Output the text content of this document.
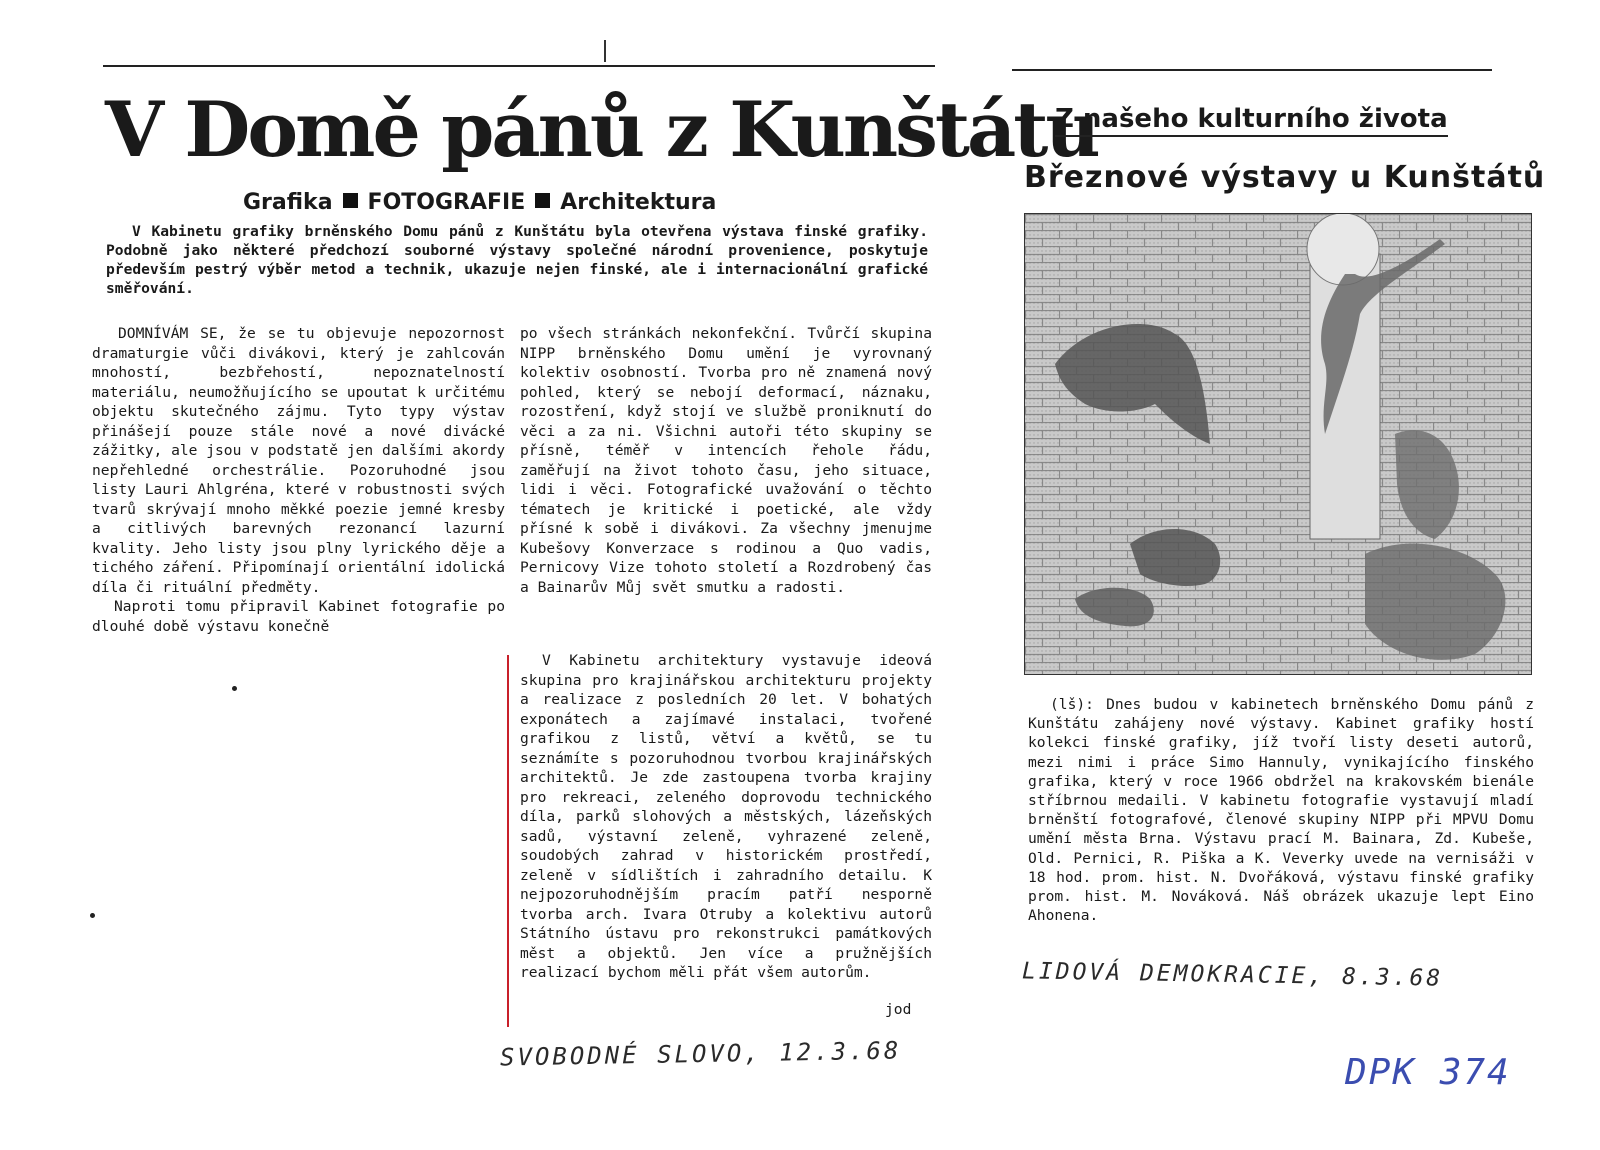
V Domě pánů z Kunštátu
Grafika FOTOGRAFIE Architektura
V Kabinetu grafiky brněnského Domu pánů z Kunštátu byla otevřena výstava finské grafiky. Podobně jako některé předchozí souborné výstavy společné národní provenience, poskytuje především pestrý výběr metod a technik, ukazuje nejen finské, ale i internacionální grafické směřování.

DOMNÍVÁM SE, že se tu objevuje nepozornost dramaturgie vůči divákovi, který je zahlcován mnohostí, bezbřehostí, nepoznatelností materiálu, neumožňujícího se upoutat k určitému objektu skutečného zájmu. Tyto typy výstav přinášejí pouze stále nové a nové divácké zážitky, ale jsou v podstatě jen dalšími akordy nepřehledné orchestrálie. Pozoruhodné jsou listy Lauri Ahlgréna, které v robustnosti svých tvarů skrývají mnoho měkké poezie jemné kresby a citlivých barevných rezonancí lazurní kvality. Jeho listy jsou plny lyrického děje a tichého záření. Připomínají orientální idolická díla či rituální předměty.

Naproti tomu připravil Kabinet fotografie po dlouhé době výstavu konečně

po všech stránkách nekonfekční. Tvůrčí skupina NIPP brněnského Domu umění je vyrovnaný kolektiv osobností. Tvorba pro ně znamená nový pohled, který se nebojí deformací, náznaku, rozostření, když stojí ve službě proniknutí do věci a za ni. Všichni autoři této skupiny se přísně, téměř v intencích řehole řádu, zaměřují na život tohoto času, jeho situace, lidi i věci. Fotografické uvažování o těchto tématech je kritické i poetické, ale vždy přísné k sobě i divákovi. Za všechny jmenujme Kubešovy Konverzace s rodinou a Quo vadis, Pernicovy Vize tohoto století a Rozdrobený čas a Bainarův Můj svět smutku a radosti.

V Kabinetu architektury vystavuje ideová skupina pro krajinářskou architekturu projekty a realizace z posledních 20 let. V bohatých exponátech a zajímavé instalaci, tvořené grafikou z listů, větví a květů, se tu seznámíte s pozoruhodnou tvorbou krajinářských architektů. Je zde zastoupena tvorba krajiny pro rekreaci, zeleného doprovodu technického díla, parků slohových a městských, lázeňských sadů, výstavní zeleně, vyhrazené zeleně, soudobých zahrad v historickém prostředí, zeleně v sídlištích i zahradního detailu. K nejpozoruhodnějším pracím patří nesporně tvorba arch. Ivara Otruby a kolektivu autorů Státního ústavu pro rekonstrukci památkových měst a objektů. Jen více a pružnějších realizací bychom měli přát všem autorům.

jod
SVOBODNÉ SLOVO, 12.3.68
Z našeho kulturního života
Březnové výstavy u Kunštátů
(lš): Dnes budou v kabinetech brněnského Domu pánů z Kunštátu zahájeny nové výstavy. Kabinet grafiky hostí kolekci finské grafiky, jíž tvoří listy deseti autorů, mezi nimi i práce Simo Hannuly, vynikajícího finského grafika, který v roce 1966 obdržel na krakovském bienále stříbrnou medaili. V kabinetu fotografie vystavují mladí brněnští fotografové, členové skupiny NIPP při MPVU Domu umění města Brna. Výstavu prací M. Bainara, Zd. Kubeše, Old. Pernici, R. Piška a K. Veverky uvede na vernisáži v 18 hod. prom. hist. N. Dvořáková, výstavu finské grafiky prom. hist. M. Nováková. Náš obrázek ukazuje lept Eino Ahonena.
LIDOVÁ DEMOKRACIE, 8.3.68
DPK 374
